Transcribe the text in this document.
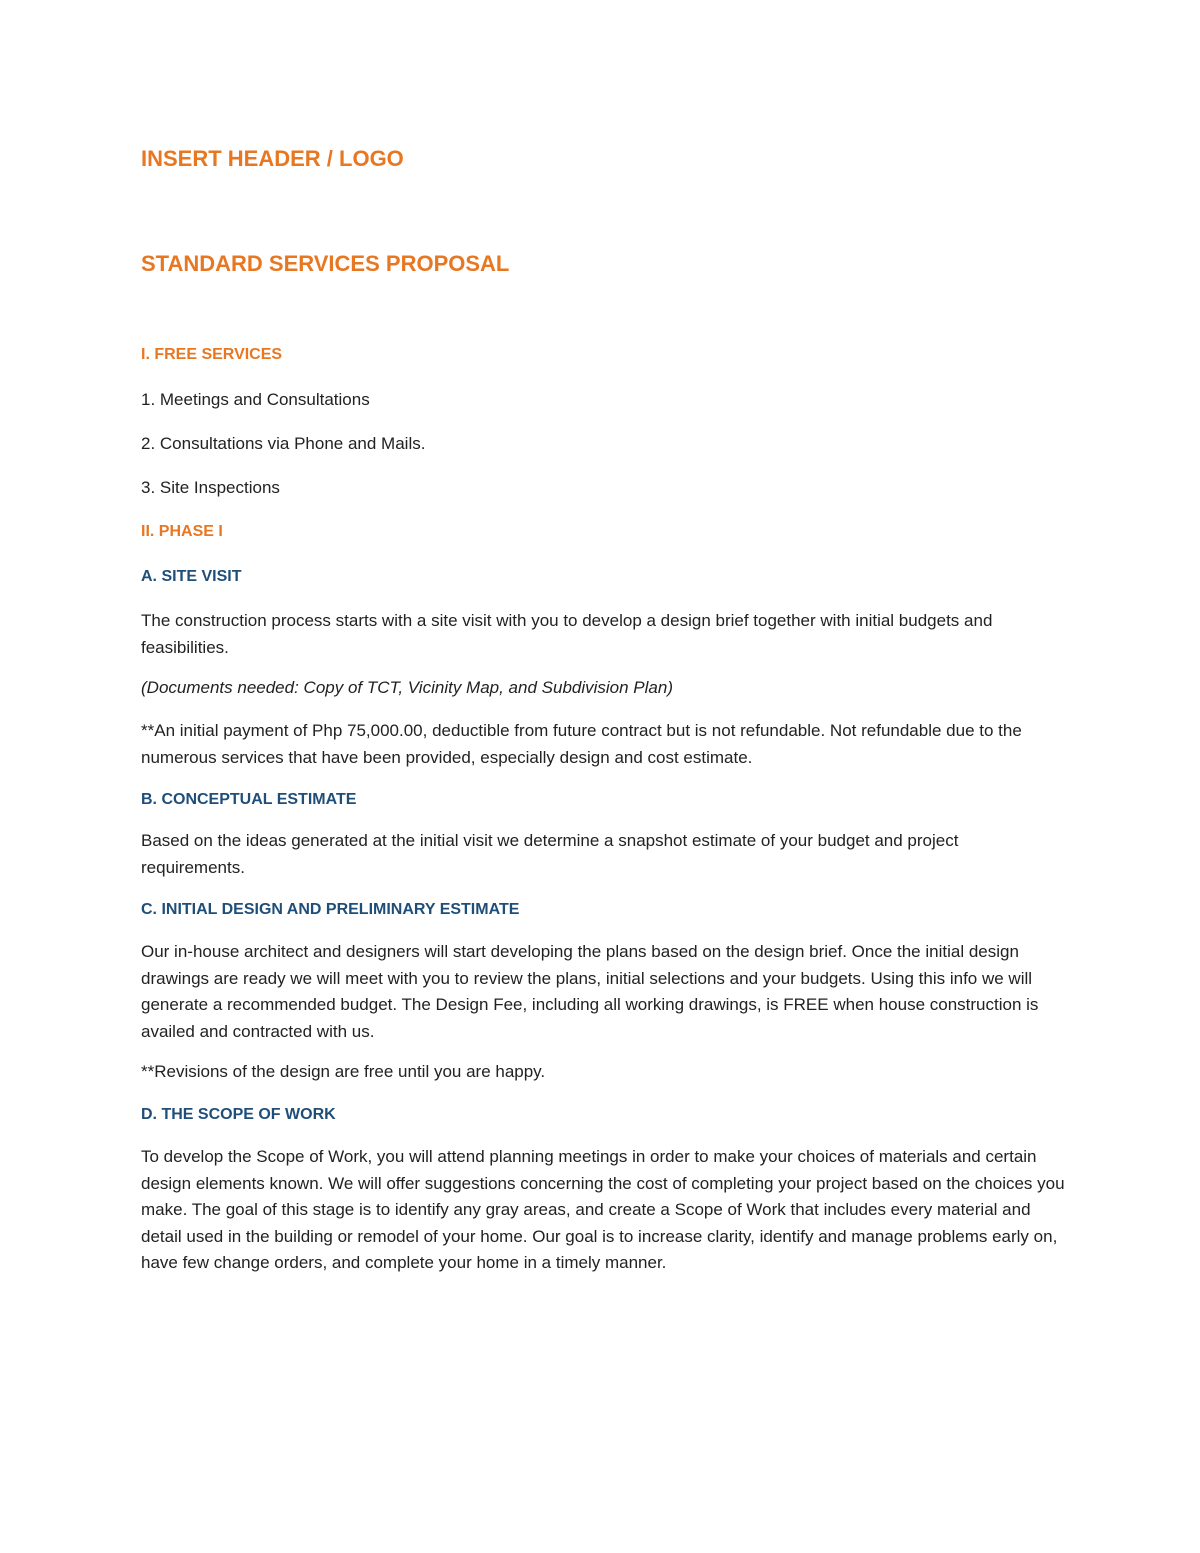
INSERT HEADER / LOGO

STANDARD SERVICES PROPOSAL

I. FREE SERVICES

1. Meetings and Consultations

2. Consultations via Phone and Mails.

3. Site Inspections

II. PHASE I

A. SITE VISIT

The construction process starts with a site visit with you to develop a design brief together with initial budgets and feasibilities.

(Documents needed: Copy of TCT, Vicinity Map, and Subdivision Plan)

**An initial payment of Php 75,000.00, deductible from future contract but is not refundable. Not refundable due to the numerous services that have been provided, especially design and cost estimate.

B. CONCEPTUAL ESTIMATE

Based on the ideas generated at the initial visit we determine a snapshot estimate of your budget and project requirements.

C. INITIAL DESIGN AND PRELIMINARY ESTIMATE

Our in-house architect and designers will start developing the plans based on the design brief. Once the initial design drawings are ready we will meet with you to review the plans, initial selections and your budgets. Using this info we will generate a recommended budget. The Design Fee, including all working drawings, is FREE when house construction is availed and contracted with us.

**Revisions of the design are free until you are happy.

D. THE SCOPE OF WORK

To develop the Scope of Work, you will attend planning meetings in order to make your choices of materials and certain design elements known. We will offer suggestions concerning the cost of completing your project based on the choices you make. The goal of this stage is to identify any gray areas, and create a Scope of Work that includes every material and detail used in the building or remodel of your home. Our goal is to increase clarity, identify and manage problems early on, have few change orders, and complete your home in a timely manner.
